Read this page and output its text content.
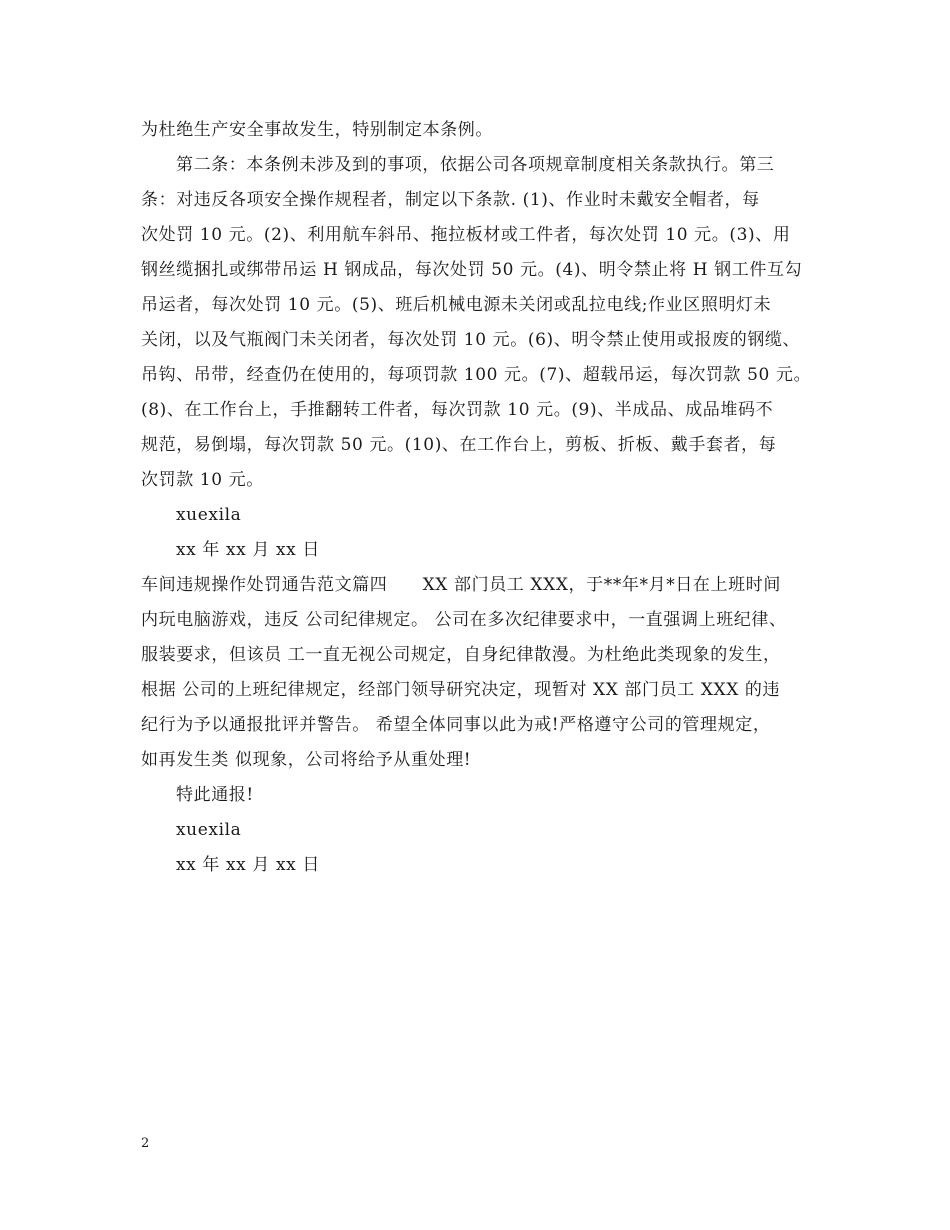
为杜绝生产安全事故发生，特别制定本条例。
第二条：本条例未涉及到的事项，依据公司各项规章制度相关条款执行。第三
条：对违反各项安全操作规程者，制定以下条款. (1)、作业时未戴安全帽者，每
次处罚 10 元。(2)、利用航车斜吊、拖拉板材或工件者，每次处罚 10 元。(3)、用
钢丝缆捆扎或绑带吊运 H 钢成品，每次处罚 50 元。(4)、明令禁止将 H 钢工件互勾
吊运者，每次处罚 10 元。(5)、班后机械电源未关闭或乱拉电线;作业区照明灯未
关闭，以及气瓶阀门未关闭者，每次处罚 10 元。(6)、明令禁止使用或报废的钢缆、
吊钩、吊带，经查仍在使用的，每项罚款 100 元。(7)、超载吊运，每次罚款 50 元。
(8)、在工作台上，手推翻转工件者，每次罚款 10 元。(9)、半成品、成品堆码不
规范，易倒塌，每次罚款 50 元。(10)、在工作台上，剪板、折板、戴手套者，每
次罚款 10 元。
xuexila
xx 年 xx 月 xx 日
车间违规操作处罚通告范文篇四　　XX 部门员工 XXX，于**年*月*日在上班时间
内玩电脑游戏，违反 公司纪律规定。 公司在多次纪律要求中，一直强调上班纪律、
服装要求，但该员 工一直无视公司规定，自身纪律散漫。为杜绝此类现象的发生，
根据 公司的上班纪律规定，经部门领导研究决定，现暂对 XX 部门员工 XXX 的违
纪行为予以通报批评并警告。 希望全体同事以此为戒!严格遵守公司的管理规定，
如再发生类 似现象，公司将给予从重处理!
特此通报!
xuexila
xx 年 xx 月 xx 日
2
